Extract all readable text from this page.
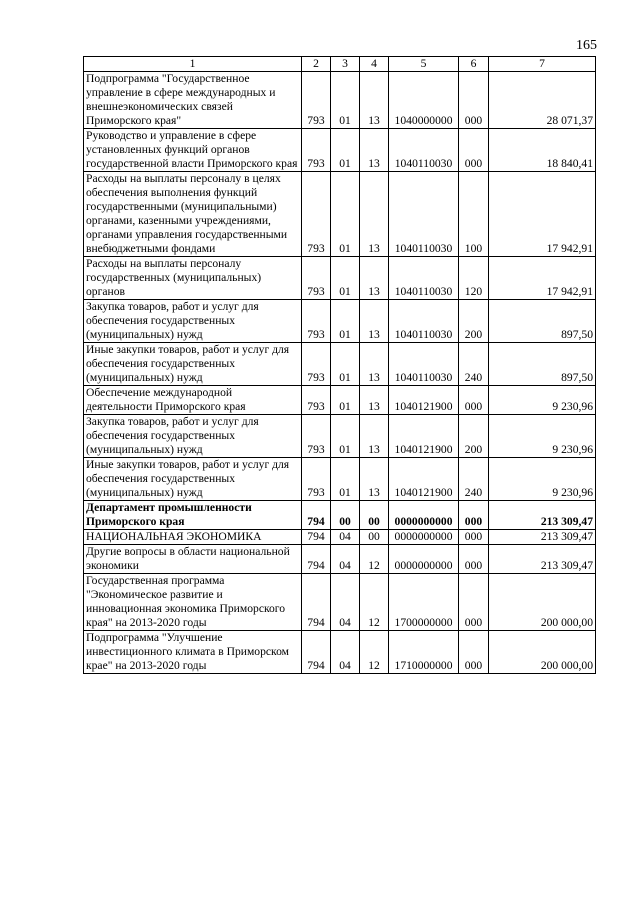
165
1	2	3	4	5	6	7
Подпрограмма "Государственное управление в сфере международных и внешнеэкономических связей Приморского края"	793	01	13	1040000000	000	28 071,37
Руководство и управление в сфере установленных функций органов государственной власти Приморского края	793	01	13	1040110030	000	18 840,41
Расходы на выплаты персоналу в целях обеспечения выполнения функций государственными (муниципальными) органами, казенными учреждениями, органами управления государственными внебюджетными фондами	793	01	13	1040110030	100	17 942,91
Расходы на выплаты персоналу государственных (муниципальных) органов	793	01	13	1040110030	120	17 942,91
Закупка товаров, работ и услуг для обеспечения государственных (муниципальных) нужд	793	01	13	1040110030	200	897,50
Иные закупки товаров, работ и услуг для обеспечения государственных (муниципальных) нужд	793	01	13	1040110030	240	897,50
Обеспечение международной деятельности Приморского края	793	01	13	1040121900	000	9 230,96
Закупка товаров, работ и услуг для обеспечения государственных (муниципальных) нужд	793	01	13	1040121900	200	9 230,96
Иные закупки товаров, работ и услуг для обеспечения государственных (муниципальных) нужд	793	01	13	1040121900	240	9 230,96
Департамент промышленности Приморского края	794	00	00	0000000000	000	213 309,47
НАЦИОНАЛЬНАЯ ЭКОНОМИКА	794	04	00	0000000000	000	213 309,47
Другие вопросы в области национальной экономики	794	04	12	0000000000	000	213 309,47
Государственная программа "Экономическое развитие и инновационная экономика Приморского края" на 2013-2020 годы	794	04	12	1700000000	000	200 000,00
Подпрограмма "Улучшение инвестиционного климата в Приморском крае" на 2013-2020 годы	794	04	12	1710000000	000	200 000,00
